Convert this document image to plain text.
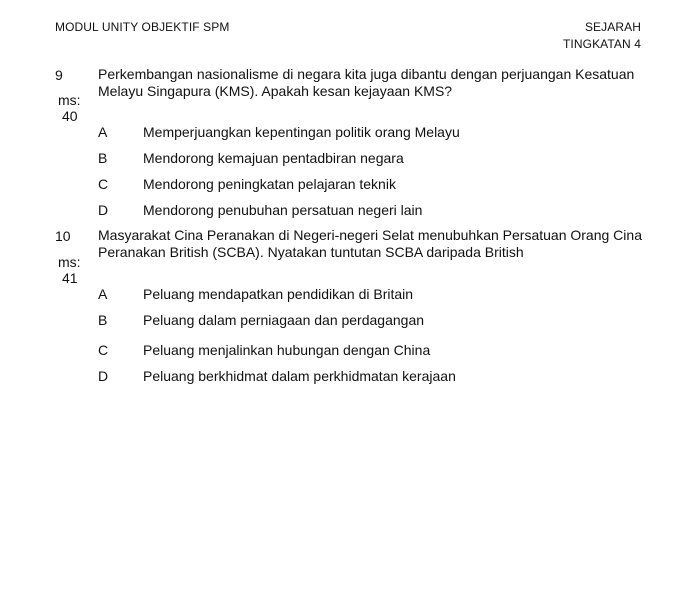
MODUL UNITY OBJEKTIF SPM	SEJARAH
TINGKATAN 4
9	Perkembangan nasionalisme di negara kita juga dibantu dengan perjuangan Kesatuan Melayu Singapura (KMS). Apakah kesan kejayaan KMS?
ms:
40
A	Memperjuangkan kepentingan politik orang Melayu
B	Mendorong kemajuan pentadbiran negara
C Mendorong peningkatan pelajaran teknik
D Mendorong penubuhan persatuan negeri lain
10 Masyarakat Cina Peranakan di Negeri-negeri Selat menubuhkan Persatuan Orang Cina Peranakan British (SCBA). Nyatakan tuntutan SCBA daripada British
ms:
41
A	Peluang mendapatkan pendidikan di Britain
B	Peluang dalam perniagaan dan perdagangan
C Peluang menjalinkan hubungan dengan China
D Peluang berkhidmat dalam perkhidmatan kerajaan
